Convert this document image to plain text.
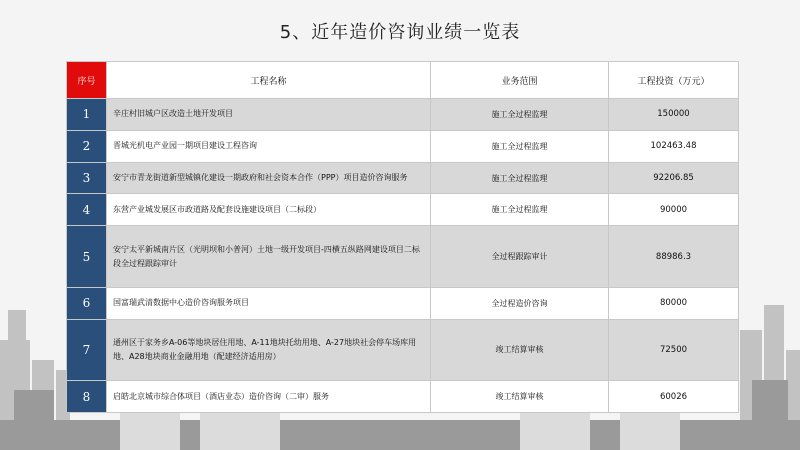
5、近年造价咨询业绩一览表
序号	工程名称	业务范围	工程投资（万元）
1	辛庄村旧城户区改造土地开发项目	施工全过程监理	150000
2	晋城光机电产业园一期项目建设工程咨询	施工全过程监理	102463.48
3	安宁市青龙街道新型城镇化建设一期政府和社会资本合作（PPP）项目造价咨询服务	施工全过程监理	92206.85
4	东营产业城发展区市政道路及配套设施建设项目（二标段）	施工全过程监理	90000
5	安宁太平新城南片区（光明坝和小普河）土地一级开发项目-四横五纵路网建设项目二标段全过程跟踪审计	全过程跟踪审计	88986.3
6	国富瑞武清数据中心造价咨询服务项目	全过程造价咨询	80000
7	通州区于家务乡A-06等地块居住用地、A-11地块托幼用地、A-27地块社会停车场库用地、A28地块商业金融用地（配建经济适用房）	竣工结算审核	72500
8	启皓北京城市综合体项目（酒店业态）造价咨询（二审）服务	竣工结算审核	60026
